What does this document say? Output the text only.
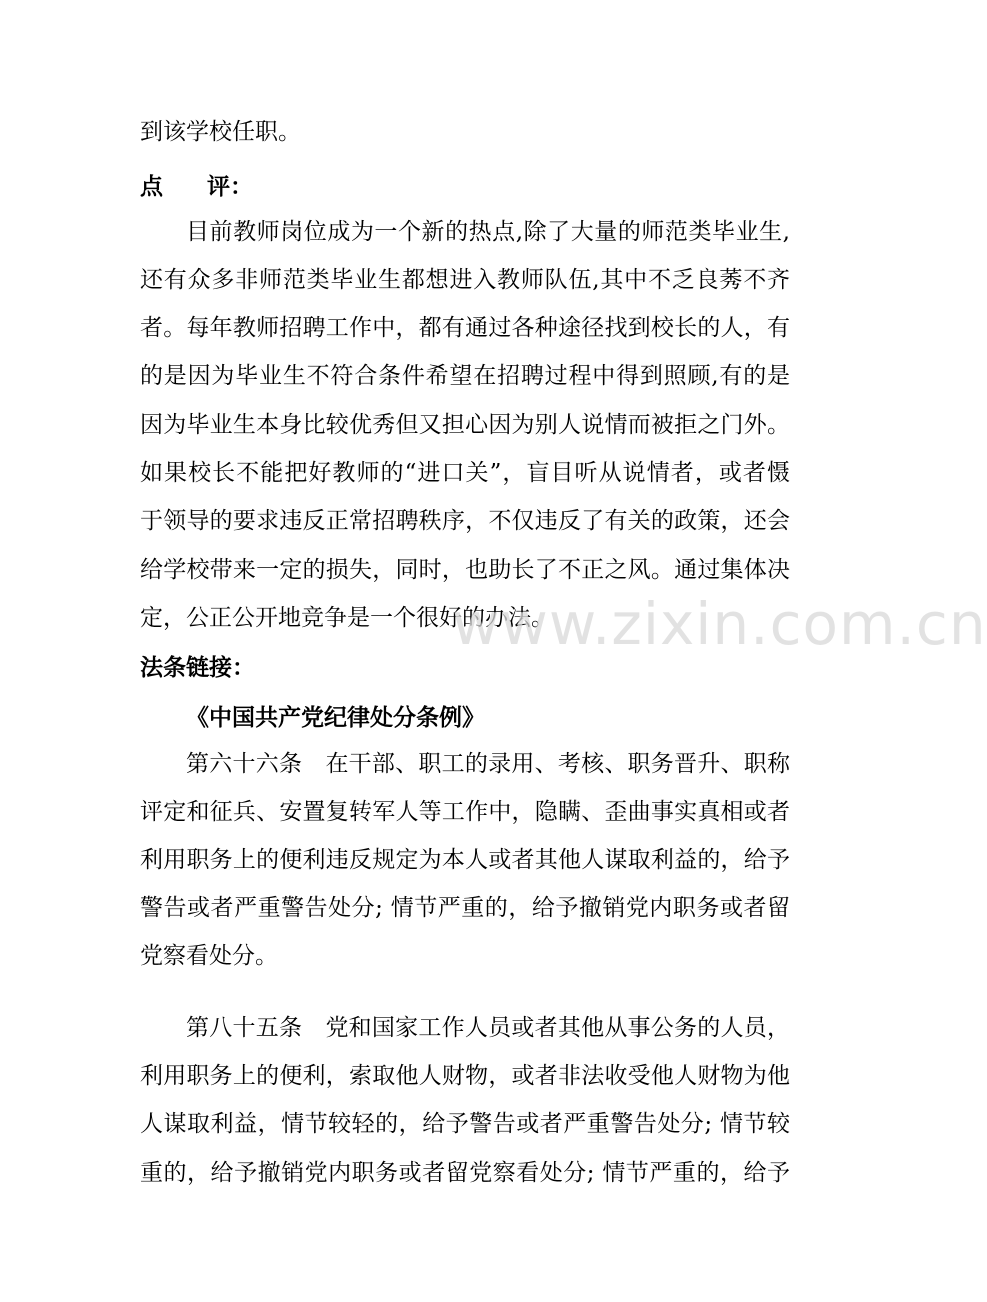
到该学校任职。
点 评：
目前教师岗位成为一个新的热点,除了大量的师范类毕业生,
还有众多非师范类毕业生都想进入教师队伍,其中不乏良莠不齐
者。每年教师招聘工作中，都有通过各种途径找到校长的人，有
的是因为毕业生不符合条件希望在招聘过程中得到照顾,有的是
因为毕业生本身比较优秀但又担心因为别人说情而被拒之门外。
如果校长不能把好教师的“进口关”，盲目听从说情者，或者慑
于领导的要求违反正常招聘秩序，不仅违反了有关的政策，还会
给学校带来一定的损失，同时，也助长了不正之风。通过集体决
定，公正公开地竞争是一个很好的办法。
法条链接：
《中国共产党纪律处分条例》
第六十六条　在干部、职工的录用、考核、职务晋升、职称
评定和征兵、安置复转军人等工作中，隐瞒、歪曲事实真相或者
利用职务上的便利违反规定为本人或者其他人谋取利益的，给予
警告或者严重警告处分; 情节严重的，给予撤销党内职务或者留
党察看处分。
第八十五条　党和国家工作人员或者其他从事公务的人员，
利用职务上的便利，索取他人财物，或者非法收受他人财物为他
人谋取利益，情节较轻的，给予警告或者严重警告处分; 情节较
重的，给予撤销党内职务或者留党察看处分; 情节严重的，给予
www.zixin.com.cn
